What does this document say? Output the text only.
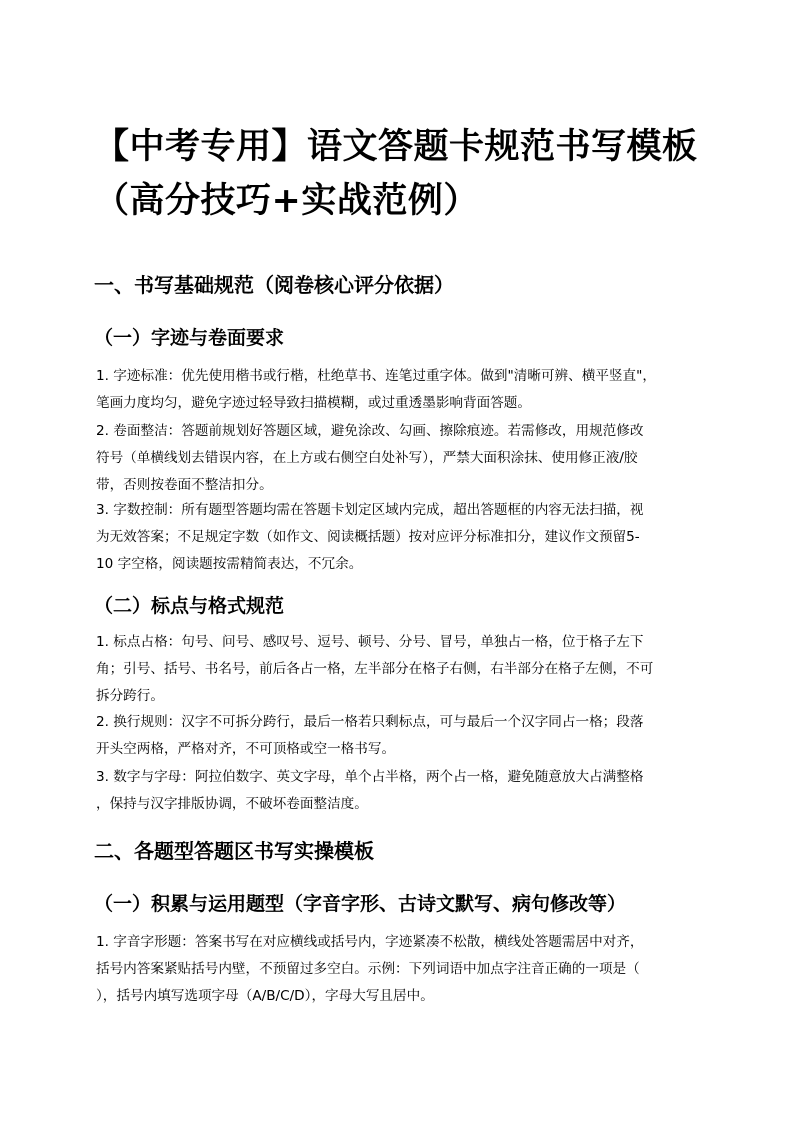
【中考专用】语文答题卡规范书写模板
（高分技巧+实战范例）
一、书写基础规范（阅卷核心评分依据）
（一）字迹与卷面要求
1. 字迹标准：优先使用楷书或行楷，杜绝草书、连笔过重字体。做到"清晰可辨、横平竖直"，
笔画力度均匀，避免字迹过轻导致扫描模糊，或过重透墨影响背面答题。
2. 卷面整洁：答题前规划好答题区域，避免涂改、勾画、擦除痕迹。若需修改，用规范修改
符号（单横线划去错误内容，在上方或右侧空白处补写），严禁大面积涂抹、使用修正液/胶
带，否则按卷面不整洁扣分。
3. 字数控制：所有题型答题均需在答题卡划定区域内完成，超出答题框的内容无法扫描，视
为无效答案；不足规定字数（如作文、阅读概括题）按对应评分标准扣分，建议作文预留5-
10 字空格，阅读题按需精简表达，不冗余。
（二）标点与格式规范
1. 标点占格：句号、问号、感叹号、逗号、顿号、分号、冒号，单独占一格，位于格子左下
角；引号、括号、书名号，前后各占一格，左半部分在格子右侧，右半部分在格子左侧，不可
拆分跨行。
2. 换行规则：汉字不可拆分跨行，最后一格若只剩标点，可与最后一个汉字同占一格；段落
开头空两格，严格对齐，不可顶格或空一格书写。
3. 数字与字母：阿拉伯数字、英文字母，单个占半格，两个占一格，避免随意放大占满整格
，保持与汉字排版协调，不破坏卷面整洁度。
二、各题型答题区书写实操模板
（一）积累与运用题型（字音字形、古诗文默写、病句修改等）
1. 字音字形题：答案书写在对应横线或括号内，字迹紧凑不松散，横线处答题需居中对齐，
括号内答案紧贴括号内壁，不预留过多空白。示例：下列词语中加点字注音正确的一项是（
），括号内填写选项字母（A/B/C/D），字母大写且居中。
